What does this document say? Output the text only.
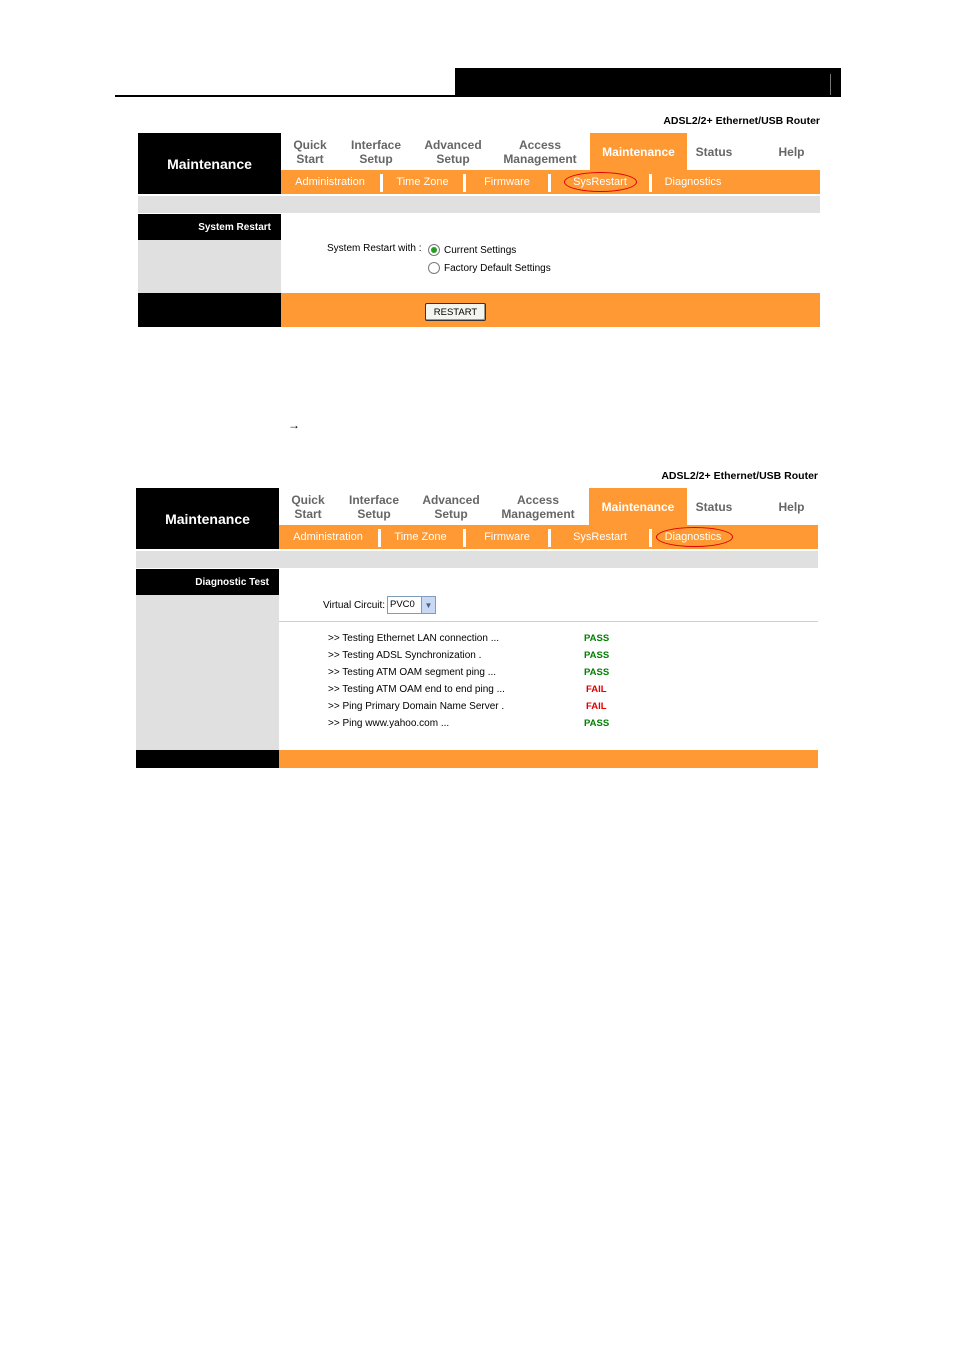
ADSL2/2+ Ethernet/USB Router
Maintenance
Quick
Start
Interface
Setup
Advanced
Setup
Access
Management	Maintenance	Status	Help
Administration	Time Zone	Firmware	SysRestart	Diagnostics
System Restart
System Restart with : Current Settings
Factory Default Settings
RESTART
→
ADSL2/2+ Ethernet/USB Router
Maintenance
Quick
Start
Interface
Setup
Advanced
Setup
Access
Management	Maintenance	Status	Help
Administration	Time Zone	Firmware	SysRestart	Diagnostics
Diagnostic Test
Virtual Circuit: PVC0	▼
>> Testing Ethernet LAN connection ...	PASS
>> Testing ADSL Synchronization .	PASS
>> Testing ATM OAM segment ping ...	PASS
>> Testing ATM OAM end to end ping ...	FAIL
>> Ping Primary Domain Name Server .	FAIL
>> Ping www.yahoo.com ...	PASS
